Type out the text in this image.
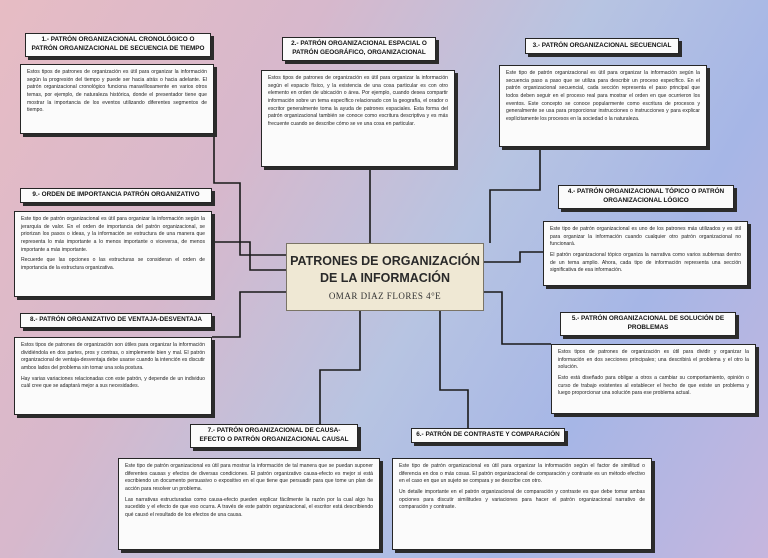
1.- PATRÓN ORGANIZACIONAL CRONOLÓGICO O PATRÓN ORGANIZACIONAL DE SECUENCIA DE TIEMPO

Estos tipos de patrones de organización es útil para organizar la información según la progresión del tiempo y puede ser hacia atrás o hacia adelante. El patrón organizacional cronológico funciona maravillosamente en varios otros temas, por ejemplo, de naturaleza histórica, donde el presentador tiene que mostrar la importancia de los eventos utilizando diferentes segmentos de tiempo.

2.- PATRÓN ORGANIZACIONAL ESPACIAL O PATRÓN GEOGRÁFICO, ORGANIZACIONAL

Estos tipos de patrones de organización es útil para organizar la información según el espacio físico, y la existencia de una cosa particular es con otro elemento en orden de ubicación o área. Por ejemplo, cuando desea compartir información sobre un tema específico relacionado con la geografía, el orador o escritor generalmente toma la ayuda de patrones espaciales. Esta forma del patrón organizacional también se conoce como escritura descriptiva y es más frecuente cuando se describe cómo se ve una cosa en particular.

3.- PATRÓN ORGANIZACIONAL SECUENCIAL

Este tipo de patrón organizacional es útil para organizar la información según la secuencia paso a paso que se utiliza para describir un proceso específico. En el patrón organizacional secuencial, cada sección representa el paso principal que todos deben seguir en el proceso real para mostrar el orden en que ocurrieron los eventos. Este concepto se conoce popularmente como escritura de procesos y generalmente se usa para proporcionar instrucciones o instrucciones y para explicar explícitamente los procesos en la sociedad o la naturaleza.

9.- ORDEN DE IMPORTANCIA PATRÓN ORGANIZATIVO

Este tipo de patrón organizacional es útil para organizar la información según la jerarquía de valor. En el orden de importancia del patrón organizacional, se priorizan los pasos o ideas, y la información se estructura de una manera que representa lo más importante a lo menos importante o viceversa, de menos importante a más importante.

Recuerde que las opciones o las estructuras se consideran el orden de importancia de la estructura organizativa.

4.- PATRÓN ORGANIZACIONAL TÓPICO O PATRÓN ORGANIZACIONAL LÓGICO

Este tipo de patrón organizacional es uno de los patrones más utilizados y es útil para organizar la información cuando cualquier otro patrón organizacional no funcionará.

El patrón organizacional tópico organiza la narrativa como varios subtemas dentro de un tema amplio. Ahora, cada tipo de información representa una sección significativa de esa información.

PATRONES DE ORGANIZACIÓN
DE LA INFORMACIÓN
OMAR DIAZ FLORES 4°E
8.- PATRÓN ORGANIZATIVO DE VENTAJA-DESVENTAJA

Estos tipos de patrones de organización son útiles para organizar la información dividiéndola en dos partes, pros y contras, o simplemente bien y mal. El patrón organizacional de ventaja-desventaja debe usarse cuando la intención es discutir ambos lados del problema sin tomar una sola postura.

Hay varias variaciones relacionadas con este patrón, y depende de un individuo cuál cree que se adaptará mejor a sus necesidades.

5.- PATRÓN ORGANIZACIONAL DE SOLUCIÓN DE PROBLEMAS

Estos tipos de patrones de organización es útil para dividir y organizar la información en dos secciones principales; una describirá el problema y el otro la solución.

Esto está diseñado para obligar a otros a cambiar su comportamiento, opinión o curso de trabajo existentes al establecer el hecho de que existe un problema y luego proporcionar una solución para ese problema actual.

7.- PATRÓN ORGANIZACIONAL DE CAUSA-EFECTO O PATRÓN ORGANIZACIONAL CAUSAL

Este tipo de patrón organizacional es útil para mostrar la información de tal manera que se puedan suponer diferentes causas y efectos de diversas condiciones. El patrón organizativo causa-efecto es mejor si está escribiendo un documento persuasivo o expositivo en el que tiene que persuadir para que tome un plan de acción para resolver un problema.

Las narrativas estructuradas como causa-efecto pueden explicar fácilmente la razón por la cual algo ha sucedido y el efecto de que eso ocurra. A través de este patrón organizacional, el escritor está describiendo qué causó el resultado de los efectos de una causa.

6.- PATRÓN DE CONTRASTE Y COMPARACIÓN

Este tipo de patrón organizacional es útil para organizar la información según el factor de similitud o diferencia en dos o más cosas. El patrón organizacional de comparación y contraste es un método efectivo en el caso en que un sujeto se compara y se describe con otro.

Un detalle importante en el patrón organizacional de comparación y contraste es que debe tomar ambas opciones para discutir similitudes y variaciones para hacer el patrón organizacional narrativo de comparación y contraste.
